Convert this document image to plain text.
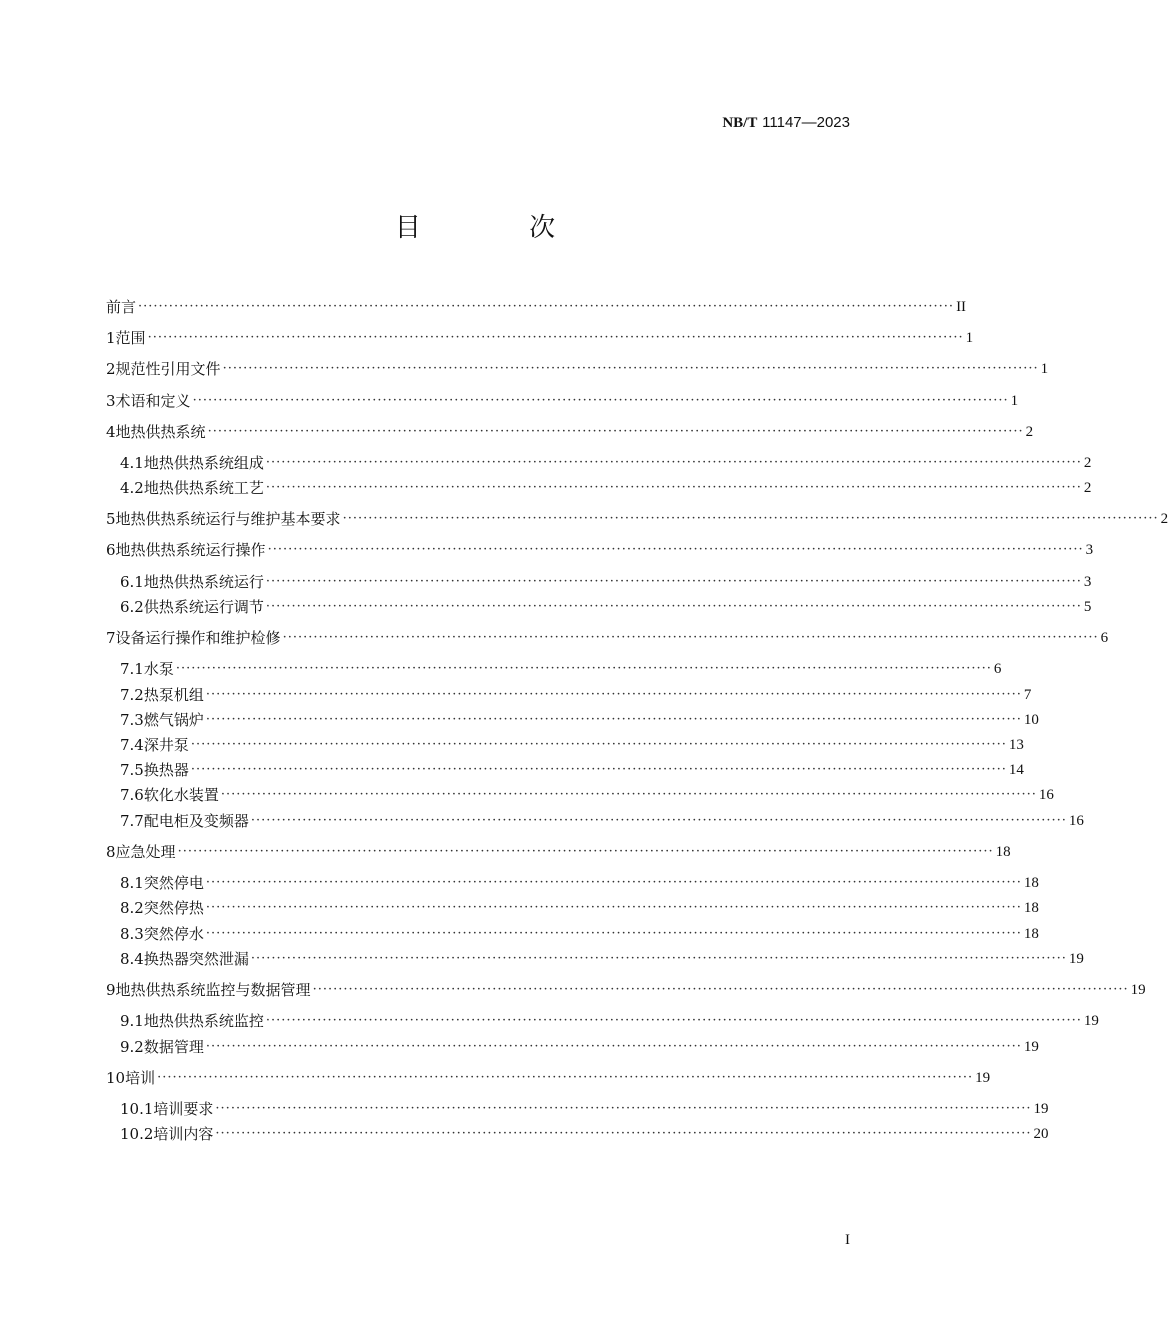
NB/T 11147—2023
目 次
前言 ······························································································································································· II
1 范围 ······························································································································································· 1
2 规范性引用文件 ······························································································································································· 1
3 术语和定义 ······························································································································································· 1
4 地热供热系统 ······························································································································································· 2
4.1 地热供热系统组成 ······························································································································································· 2
4.2 地热供热系统工艺 ······························································································································································· 2
5 地热供热系统运行与维护基本要求 ······························································································································································· 2
6 地热供热系统运行操作 ······························································································································································· 3
6.1 地热供热系统运行 ······························································································································································· 3
6.2 供热系统运行调节 ······························································································································································· 5
7 设备运行操作和维护检修 ······························································································································································· 6
7.1 水泵 ······························································································································································· 6
7.2 热泵机组 ······························································································································································· 7
7.3 燃气锅炉 ······························································································································································· 10
7.4 深井泵 ······························································································································································· 13
7.5 换热器 ······························································································································································· 14
7.6 软化水装置 ······························································································································································· 16
7.7 配电柜及变频器 ······························································································································································· 16
8 应急处理 ······························································································································································· 18
8.1 突然停电 ······························································································································································· 18
8.2 突然停热 ······························································································································································· 18
8.3 突然停水 ······························································································································································· 18
8.4 换热器突然泄漏 ······························································································································································· 19
9 地热供热系统监控与数据管理 ······························································································································································· 19
9.1 地热供热系统监控 ······························································································································································· 19
9.2 数据管理 ······························································································································································· 19
10 培训 ······························································································································································· 19
10.1 培训要求 ······························································································································································· 19
10.2 培训内容 ······························································································································································· 20
I
